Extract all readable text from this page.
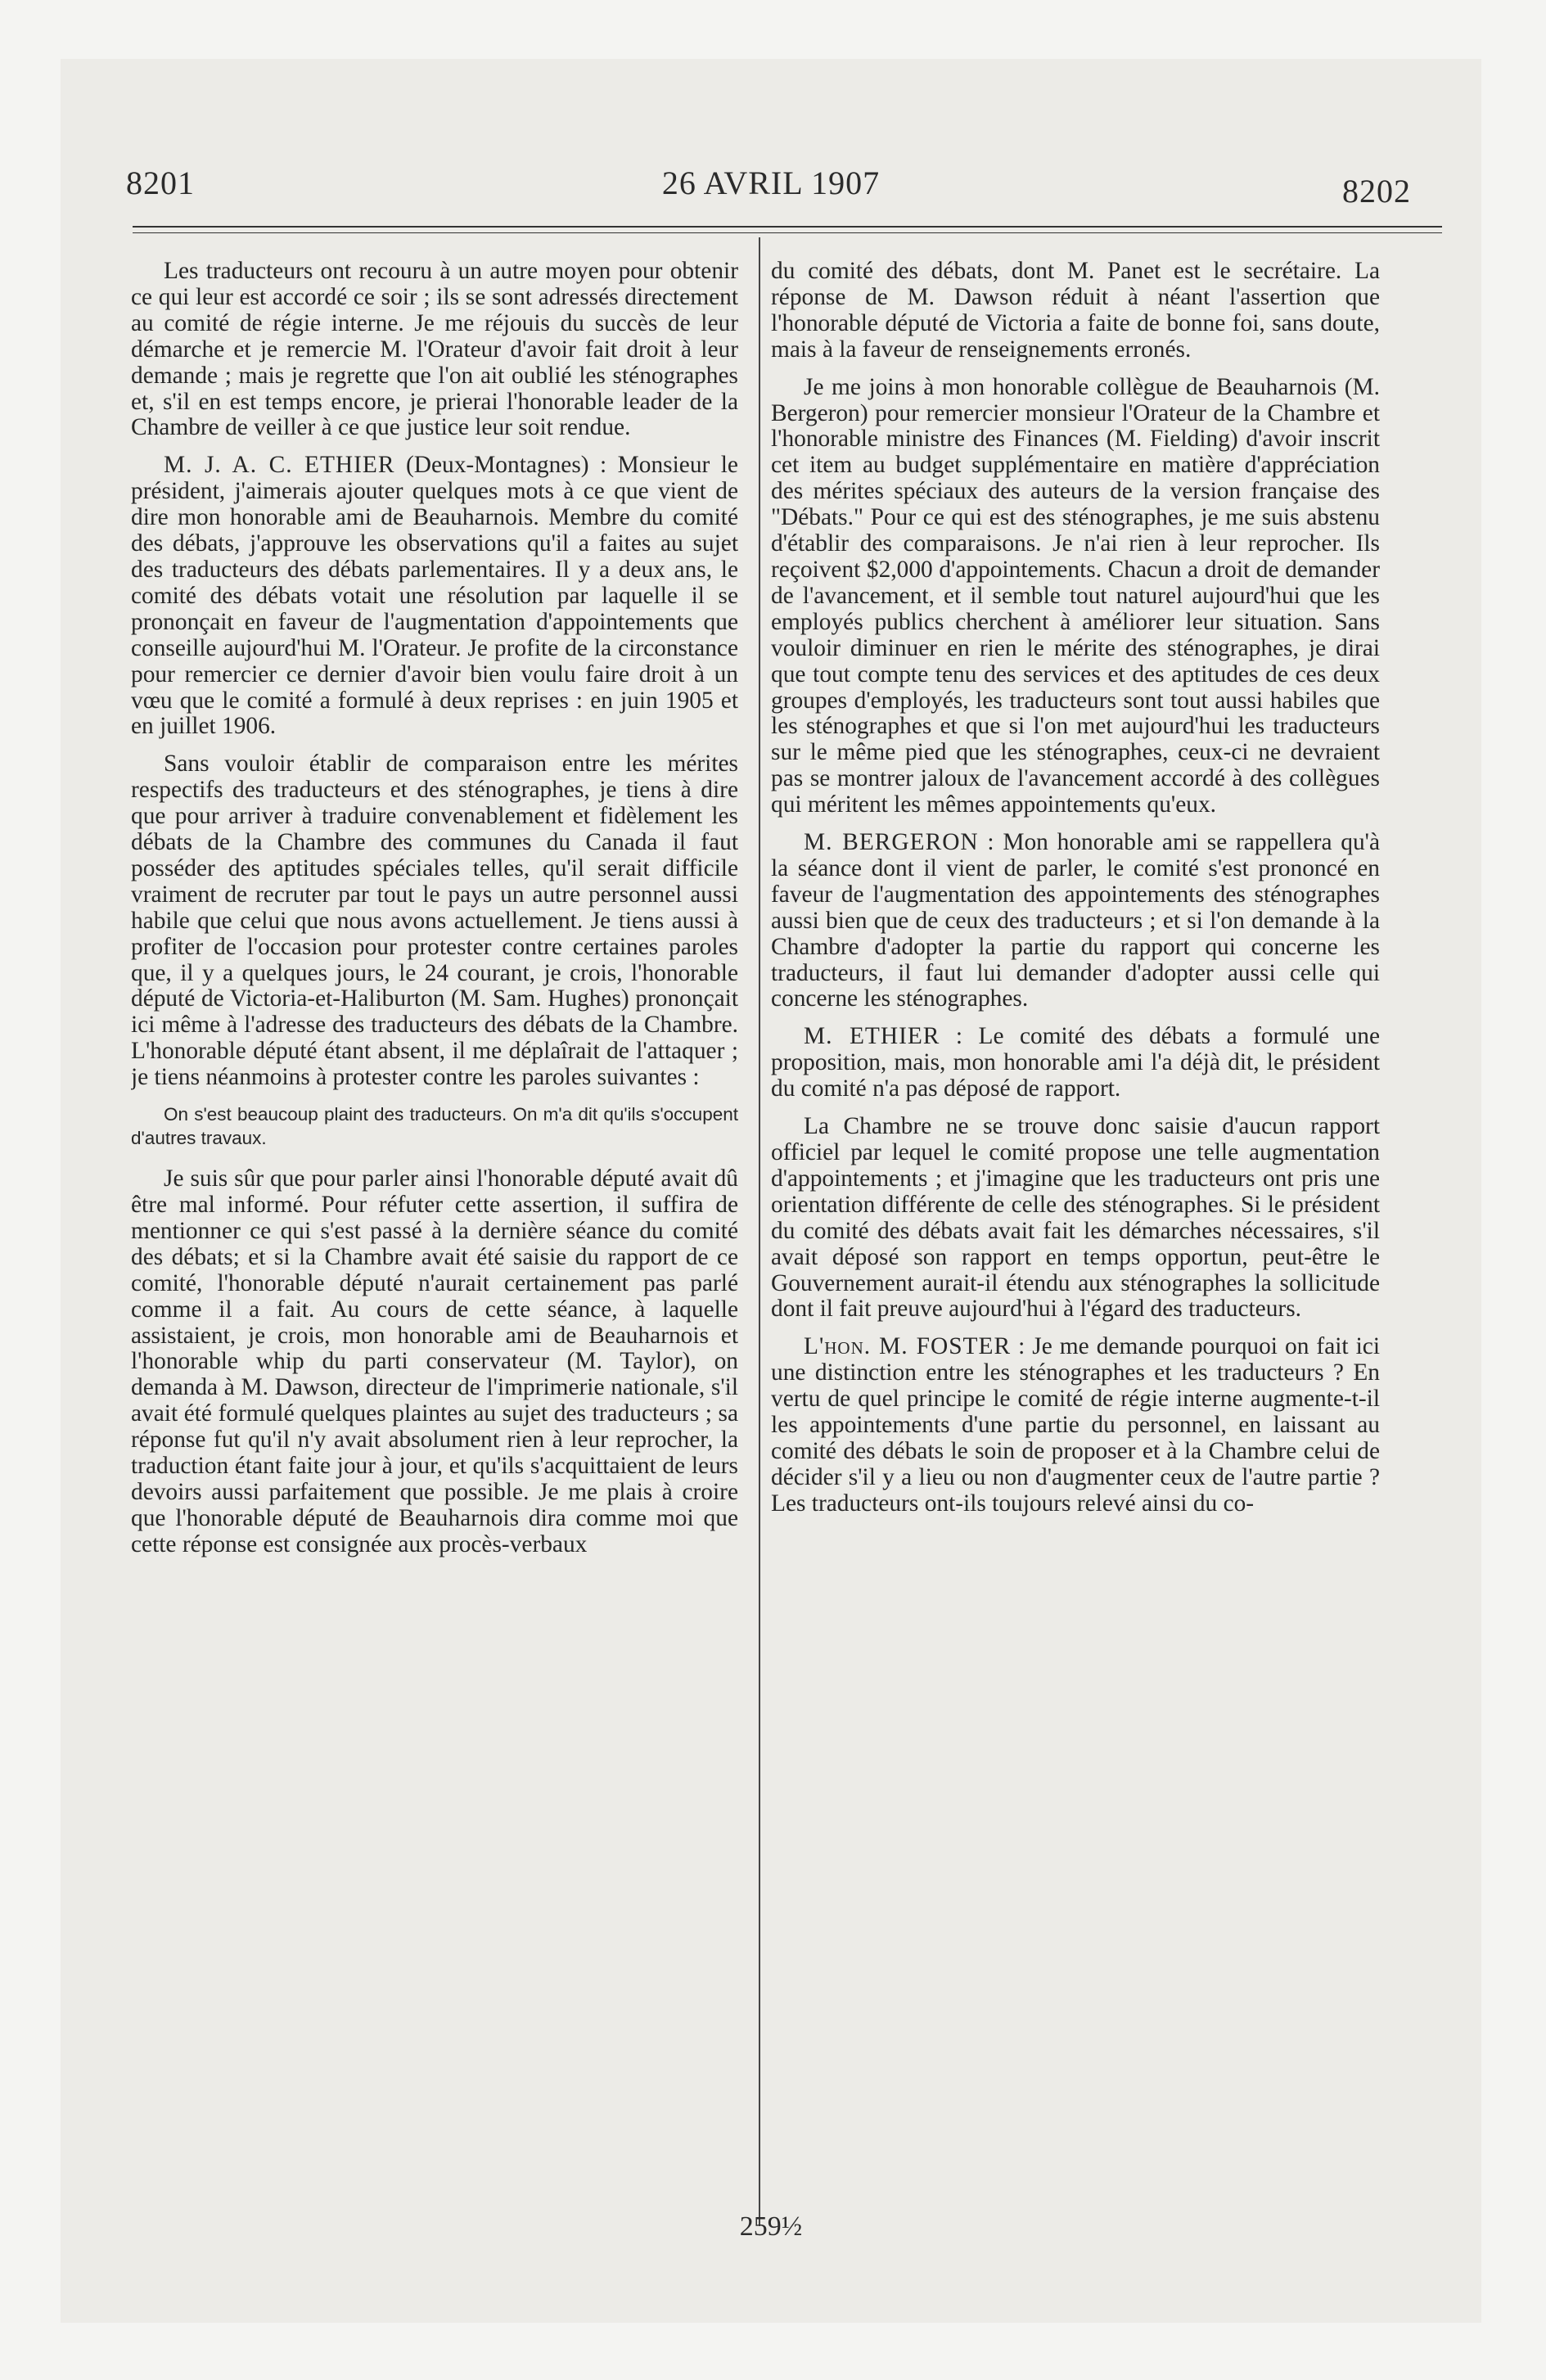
26 AVRIL 1907
8201	8202

Les traducteurs ont recouru à un autre moyen pour obtenir ce qui leur est accordé ce soir ; ils se sont adressés directement au comité de régie interne. Je me réjouis du succès de leur démarche et je remercie M. l'Orateur d'avoir fait droit à leur demande ; mais je regrette que l'on ait oublié les sténographes et, s'il en est temps encore, je prierai l'honorable leader de la Chambre de veiller à ce que justice leur soit rendue.

M. J. A. C. ETHIER (Deux-Montagnes) : Monsieur le président, j'aimerais ajouter quelques mots à ce que vient de dire mon honorable ami de Beauharnois. Membre du comité des débats, j'approuve les observations qu'il a faites au sujet des traducteurs des débats parlementaires. Il y a deux ans, le comité des débats votait une résolution par laquelle il se prononçait en faveur de l'augmentation d'appointements que conseille aujourd'hui M. l'Orateur. Je profite de la circonstance pour remercier ce dernier d'avoir bien voulu faire droit à un vœu que le comité a formulé à deux reprises : en juin 1905 et en juillet 1906.

Sans vouloir établir de comparaison entre les mérites respectifs des traducteurs et des sténographes, je tiens à dire que pour arriver à traduire convenablement et fidèlement les débats de la Chambre des communes du Canada il faut posséder des aptitudes spéciales telles, qu'il serait difficile vraiment de recruter par tout le pays un autre personnel aussi habile que celui que nous avons actuellement. Je tiens aussi à profiter de l'occasion pour protester contre certaines paroles que, il y a quelques jours, le 24 courant, je crois, l'honorable député de Victoria-et-Haliburton (M. Sam. Hughes) prononçait ici même à l'adresse des traducteurs des débats de la Chambre. L'honorable député étant absent, il me déplaîrait de l'attaquer ; je tiens néanmoins à protester contre les paroles suivantes :

On s'est beaucoup plaint des traducteurs. On m'a dit qu'ils s'occupent d'autres travaux.

Je suis sûr que pour parler ainsi l'honorable député avait dû être mal informé. Pour réfuter cette assertion, il suffira de mentionner ce qui s'est passé à la dernière séance du comité des débats; et si la Chambre avait été saisie du rapport de ce comité, l'honorable député n'aurait certainement pas parlé comme il a fait. Au cours de cette séance, à laquelle assistaient, je crois, mon honorable ami de Beauharnois et l'honorable whip du parti conservateur (M. Taylor), on demanda à M. Dawson, directeur de l'imprimerie nationale, s'il avait été formulé quelques plaintes au sujet des traducteurs ; sa réponse fut qu'il n'y avait absolument rien à leur reprocher, la traduction étant faite jour à jour, et qu'ils s'acquittaient de leurs devoirs aussi parfaitement que possible. Je me plais à croire que l'honorable député de Beauharnois dira comme moi que cette réponse est consignée aux procès-verbaux

du comité des débats, dont M. Panet est le secrétaire. La réponse de M. Dawson réduit à néant l'assertion que l'honorable député de Victoria a faite de bonne foi, sans doute, mais à la faveur de renseignements erronés.

Je me joins à mon honorable collègue de Beauharnois (M. Bergeron) pour remercier monsieur l'Orateur de la Chambre et l'honorable ministre des Finances (M. Fielding) d'avoir inscrit cet item au budget supplémentaire en matière d'appréciation des mérites spéciaux des auteurs de la version française des "Débats." Pour ce qui est des sténographes, je me suis abstenu d'établir des comparaisons. Je n'ai rien à leur reprocher. Ils reçoivent $2,000 d'appointements. Chacun a droit de demander de l'avancement, et il semble tout naturel aujourd'hui que les employés publics cherchent à améliorer leur situation. Sans vouloir diminuer en rien le mérite des sténographes, je dirai que tout compte tenu des services et des aptitudes de ces deux groupes d'employés, les traducteurs sont tout aussi habiles que les sténographes et que si l'on met aujourd'hui les traducteurs sur le même pied que les sténographes, ceux-ci ne devraient pas se montrer jaloux de l'avancement accordé à des collègues qui méritent les mêmes appointements qu'eux.

M. BERGERON : Mon honorable ami se rappellera qu'à la séance dont il vient de parler, le comité s'est prononcé en faveur de l'augmentation des appointements des sténographes aussi bien que de ceux des traducteurs ; et si l'on demande à la Chambre d'adopter la partie du rapport qui concerne les traducteurs, il faut lui demander d'adopter aussi celle qui concerne les sténographes.

M. ETHIER : Le comité des débats a formulé une proposition, mais, mon honorable ami l'a déjà dit, le président du comité n'a pas déposé de rapport.

La Chambre ne se trouve donc saisie d'aucun rapport officiel par lequel le comité propose une telle augmentation d'appointements ; et j'imagine que les traducteurs ont pris une orientation différente de celle des sténographes. Si le président du comité des débats avait fait les démarches nécessaires, s'il avait déposé son rapport en temps opportun, peut-être le Gouvernement aurait-il étendu aux sténographes la sollicitude dont il fait preuve aujourd'hui à l'égard des traducteurs.

L'hon. M. FOSTER : Je me demande pourquoi on fait ici une distinction entre les sténographes et les traducteurs ? En vertu de quel principe le comité de régie interne augmente-t-il les appointements d'une partie du personnel, en laissant au comité des débats le soin de proposer et à la Chambre celui de décider s'il y a lieu ou non d'augmenter ceux de l'autre partie ? Les traducteurs ont-ils toujours relevé ainsi du co-

259½
